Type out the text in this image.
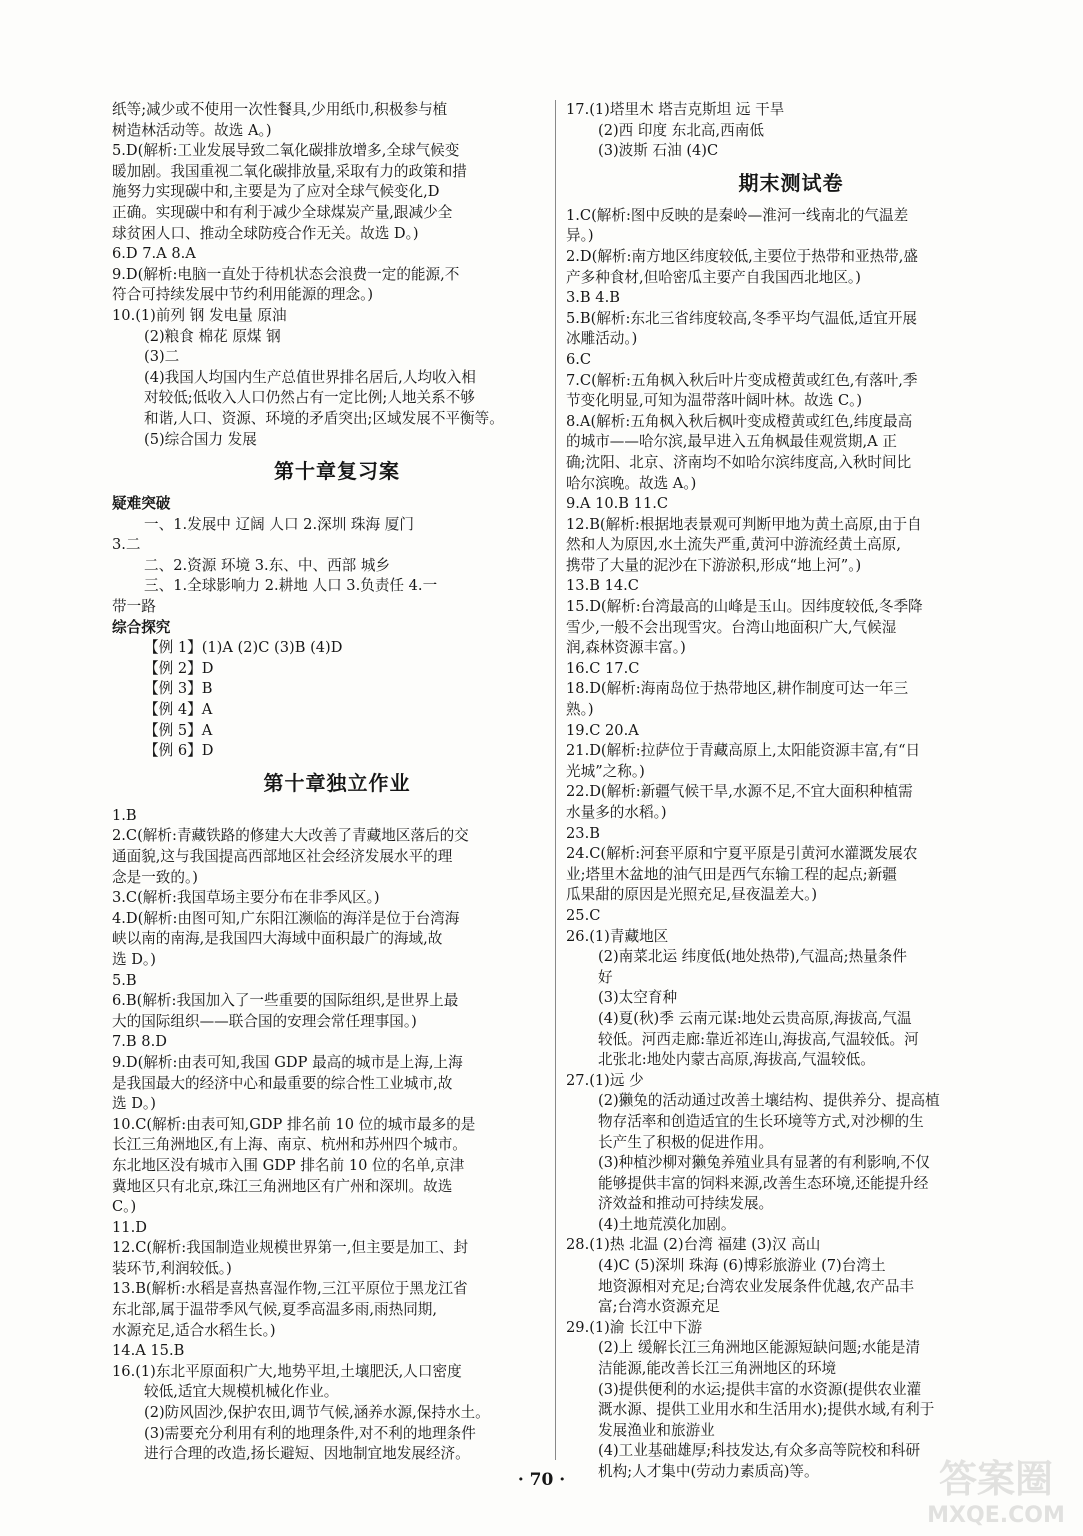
纸等;减少或不使用一次性餐具,少用纸巾,积极参与植

树造林活动等。故选 A。)

5.D(解析:工业发展导致二氧化碳排放增多,全球气候变

暖加剧。我国重视二氧化碳排放量,采取有力的政策和措

施努力实现碳中和,主要是为了应对全球气候变化,D

正确。实现碳中和有利于减少全球煤炭产量,跟减少全

球贫困人口、推动全球防疫合作无关。故选 D。)

6.D 7.A 8.A

9.D(解析:电脑一直处于待机状态会浪费一定的能源,不

符合可持续发展中节约利用能源的理念。)

10.(1)前列 钢 发电量 原油

(2)粮食 棉花 原煤 钢

(3)二

(4)我国人均国内生产总值世界排名居后,人均收入相

对较低;低收入人口仍然占有一定比例;人地关系不够

和谐,人口、资源、环境的矛盾突出;区域发展不平衡等。

(5)综合国力 发展

第十章复习案

疑难突破

一、1.发展中 辽阔 人口 2.深圳 珠海 厦门

3.二

二、2.资源 环境 3.东、中、西部 城乡

三、1.全球影响力 2.耕地 人口 3.负责任 4.一

带一路

综合探究

【例 1】(1)A (2)C (3)B (4)D

【例 2】D

【例 3】B

【例 4】A

【例 5】A

【例 6】D

第十章独立作业

1.B

2.C(解析:青藏铁路的修建大大改善了青藏地区落后的交

通面貌,这与我国提高西部地区社会经济发展水平的理

念是一致的。)

3.C(解析:我国草场主要分布在非季风区。)

4.D(解析:由图可知,广东阳江濒临的海洋是位于台湾海

峡以南的南海,是我国四大海域中面积最广的海域,故

选 D。)

5.B

6.B(解析:我国加入了一些重要的国际组织,是世界上最

大的国际组织——联合国的安理会常任理事国。)

7.B 8.D

9.D(解析:由表可知,我国 GDP 最高的城市是上海,上海

是我国最大的经济中心和最重要的综合性工业城市,故

选 D。)

10.C(解析:由表可知,GDP 排名前 10 位的城市最多的是

长江三角洲地区,有上海、南京、杭州和苏州四个城市。

东北地区没有城市入围 GDP 排名前 10 位的名单,京津

冀地区只有北京,珠江三角洲地区有广州和深圳。故选

C。)

11.D

12.C(解析:我国制造业规模世界第一,但主要是加工、封

装环节,利润较低。)

13.B(解析:水稻是喜热喜湿作物,三江平原位于黑龙江省

东北部,属于温带季风气候,夏季高温多雨,雨热同期,

水源充足,适合水稻生长。)

14.A 15.B

16.(1)东北平原面积广大,地势平坦,土壤肥沃,人口密度

较低,适宜大规模机械化作业。

(2)防风固沙,保护农田,调节气候,涵养水源,保持水土。

(3)需要充分利用有利的地理条件,对不利的地理条件

进行合理的改造,扬长避短、因地制宜地发展经济。

17.(1)塔里木 塔吉克斯坦 远 干旱

(2)西 印度 东北高,西南低

(3)波斯 石油 (4)C

期末测试卷

1.C(解析:图中反映的是秦岭—淮河一线南北的气温差

异。)

2.D(解析:南方地区纬度较低,主要位于热带和亚热带,盛

产多种食材,但哈密瓜主要产自我国西北地区。)

3.B 4.B

5.B(解析:东北三省纬度较高,冬季平均气温低,适宜开展

冰雕活动。)

6.C

7.C(解析:五角枫入秋后叶片变成橙黄或红色,有落叶,季

节变化明显,可知为温带落叶阔叶林。故选 C。)

8.A(解析:五角枫入秋后枫叶变成橙黄或红色,纬度最高

的城市——哈尔滨,最早进入五角枫最佳观赏期,A 正

确;沈阳、北京、济南均不如哈尔滨纬度高,入秋时间比

哈尔滨晚。故选 A。)

9.A 10.B 11.C

12.B(解析:根据地表景观可判断甲地为黄土高原,由于自

然和人为原因,水土流失严重,黄河中游流经黄土高原,

携带了大量的泥沙在下游淤积,形成“地上河”。)

13.B 14.C

15.D(解析:台湾最高的山峰是玉山。因纬度较低,冬季降

雪少,一般不会出现雪灾。台湾山地面积广大,气候湿

润,森林资源丰富。)

16.C 17.C

18.D(解析:海南岛位于热带地区,耕作制度可达一年三

熟。)

19.C 20.A

21.D(解析:拉萨位于青藏高原上,太阳能资源丰富,有“日

光城”之称。)

22.D(解析:新疆气候干旱,水源不足,不宜大面积种植需

水量多的水稻。)

23.B

24.C(解析:河套平原和宁夏平原是引黄河水灌溉发展农

业;塔里木盆地的油气田是西气东输工程的起点;新疆

瓜果甜的原因是光照充足,昼夜温差大。)

25.C

26.(1)青藏地区

(2)南菜北运 纬度低(地处热带),气温高;热量条件

好

(3)太空育种

(4)夏(秋)季 云南元谋:地处云贵高原,海拔高,气温

较低。河西走廊:靠近祁连山,海拔高,气温较低。河

北张北:地处内蒙古高原,海拔高,气温较低。

27.(1)远 少

(2)獭兔的活动通过改善土壤结构、提供养分、提高植

物存活率和创造适宜的生长环境等方式,对沙柳的生

长产生了积极的促进作用。

(3)种植沙柳对獭兔养殖业具有显著的有利影响,不仅

能够提供丰富的饲料来源,改善生态环境,还能提升经

济效益和推动可持续发展。

(4)土地荒漠化加剧。

28.(1)热 北温 (2)台湾 福建 (3)汉 高山

(4)C (5)深圳 珠海 (6)博彩旅游业 (7)台湾土

地资源相对充足;台湾农业发展条件优越,农产品丰

富;台湾水资源充足

29.(1)渝 长江中下游

(2)上 缓解长江三角洲地区能源短缺问题;水能是清

洁能源,能改善长江三角洲地区的环境

(3)提供便利的水运;提供丰富的水资源(提供农业灌

溉水源、提供工业用水和生活用水);提供水域,有利于

发展渔业和旅游业

(4)工业基础雄厚;科技发达,有众多高等院校和科研

机构;人才集中(劳动力素质高)等。

· 70 ·	答案圈
MXQE.COM
